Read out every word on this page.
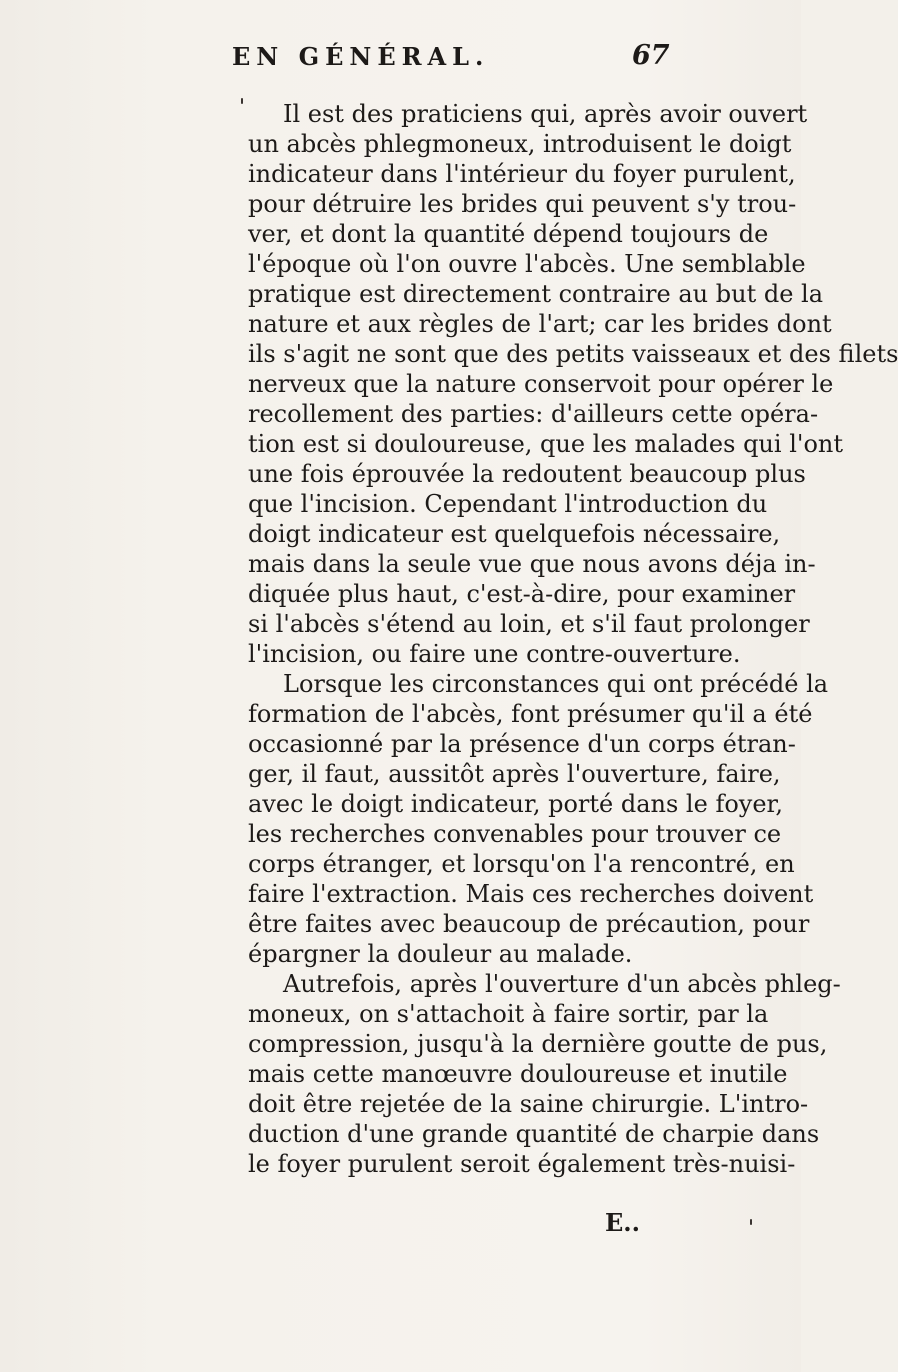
EN GÉNÉRAL.	67
Il est des praticiens qui, après avoir ouvert
un abcès phlegmoneux, introduisent le doigt
indicateur dans l'intérieur du foyer purulent,
pour détruire les brides qui peuvent s'y trou-
ver, et dont la quantité dépend toujours de
l'époque où l'on ouvre l'abcès. Une semblable
pratique est directement contraire au but de la
nature et aux règles de l'art; car les brides dont
ils s'agit ne sont que des petits vaisseaux et des filets
nerveux que la nature conservoit pour opérer le
recollement des parties: d'ailleurs cette opéra-
tion est si douloureuse, que les malades qui l'ont
une fois éprouvée la redoutent beaucoup plus
que l'incision. Cependant l'introduction du
doigt indicateur est quelquefois nécessaire,
mais dans la seule vue que nous avons déja in-
diquée plus haut, c'est-à-dire, pour examiner
si l'abcès s'étend au loin, et s'il faut prolonger
l'incision, ou faire une contre-ouverture.
Lorsque les circonstances qui ont précédé la
formation de l'abcès, font présumer qu'il a été
occasionné par la présence d'un corps étran-
ger, il faut, aussitôt après l'ouverture, faire,
avec le doigt indicateur, porté dans le foyer,
les recherches convenables pour trouver ce
corps étranger, et lorsqu'on l'a rencontré, en
faire l'extraction. Mais ces recherches doivent
être faites avec beaucoup de précaution, pour
épargner la douleur au malade.
Autrefois, après l'ouverture d'un abcès phleg-
moneux, on s'attachoit à faire sortir, par la
compression, jusqu'à la dernière goutte de pus,
mais cette manœuvre douloureuse et inutile
doit être rejetée de la saine chirurgie. L'intro-
duction d'une grande quantité de charpie dans
le foyer purulent seroit également très-nuisi-
E..
